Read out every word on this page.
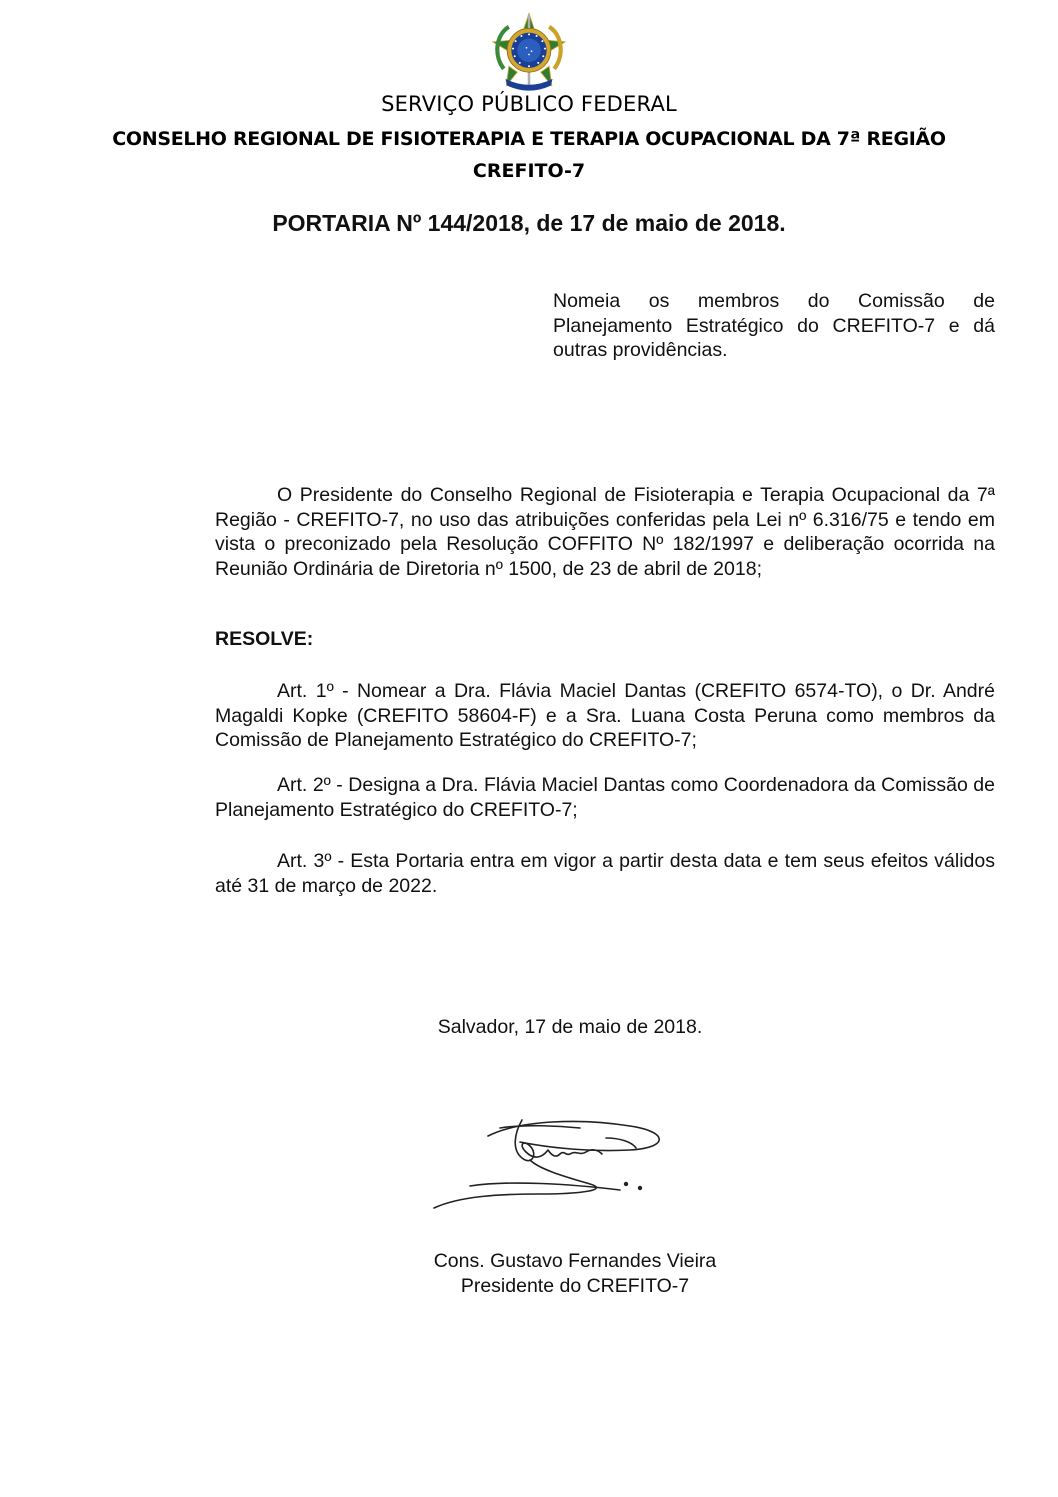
SERVIÇO PÚBLICO FEDERAL
CONSELHO REGIONAL DE FISIOTERAPIA E TERAPIA OCUPACIONAL DA 7ª REGIÃO
CREFITO-7
PORTARIA Nº 144/2018, de 17 de maio de 2018.
Nomeia os membros do Comissão de Planejamento Estratégico do CREFITO-7 e dá outras providências.
O Presidente do Conselho Regional de Fisioterapia e Terapia Ocupacional da 7ª Região - CREFITO-7, no uso das atribuições conferidas pela Lei nº 6.316/75 e tendo em vista o preconizado pela Resolução COFFITO Nº 182/1997 e deliberação ocorrida na Reunião Ordinária de Diretoria nº 1500, de 23 de abril de 2018;
RESOLVE:
Art. 1º - Nomear a Dra. Flávia Maciel Dantas (CREFITO 6574-TO), o Dr. André Magaldi Kopke (CREFITO 58604-F) e a Sra. Luana Costa Peruna como membros da Comissão de Planejamento Estratégico do CREFITO-7;
Art. 2º - Designa a Dra. Flávia Maciel Dantas como Coordenadora da Comissão de Planejamento Estratégico do CREFITO-7;
Art. 3º - Esta Portaria entra em vigor a partir desta data e tem seus efeitos válidos até 31 de março de 2022.
Salvador, 17 de maio de 2018.
Cons. Gustavo Fernandes Vieira
Presidente do CREFITO-7
